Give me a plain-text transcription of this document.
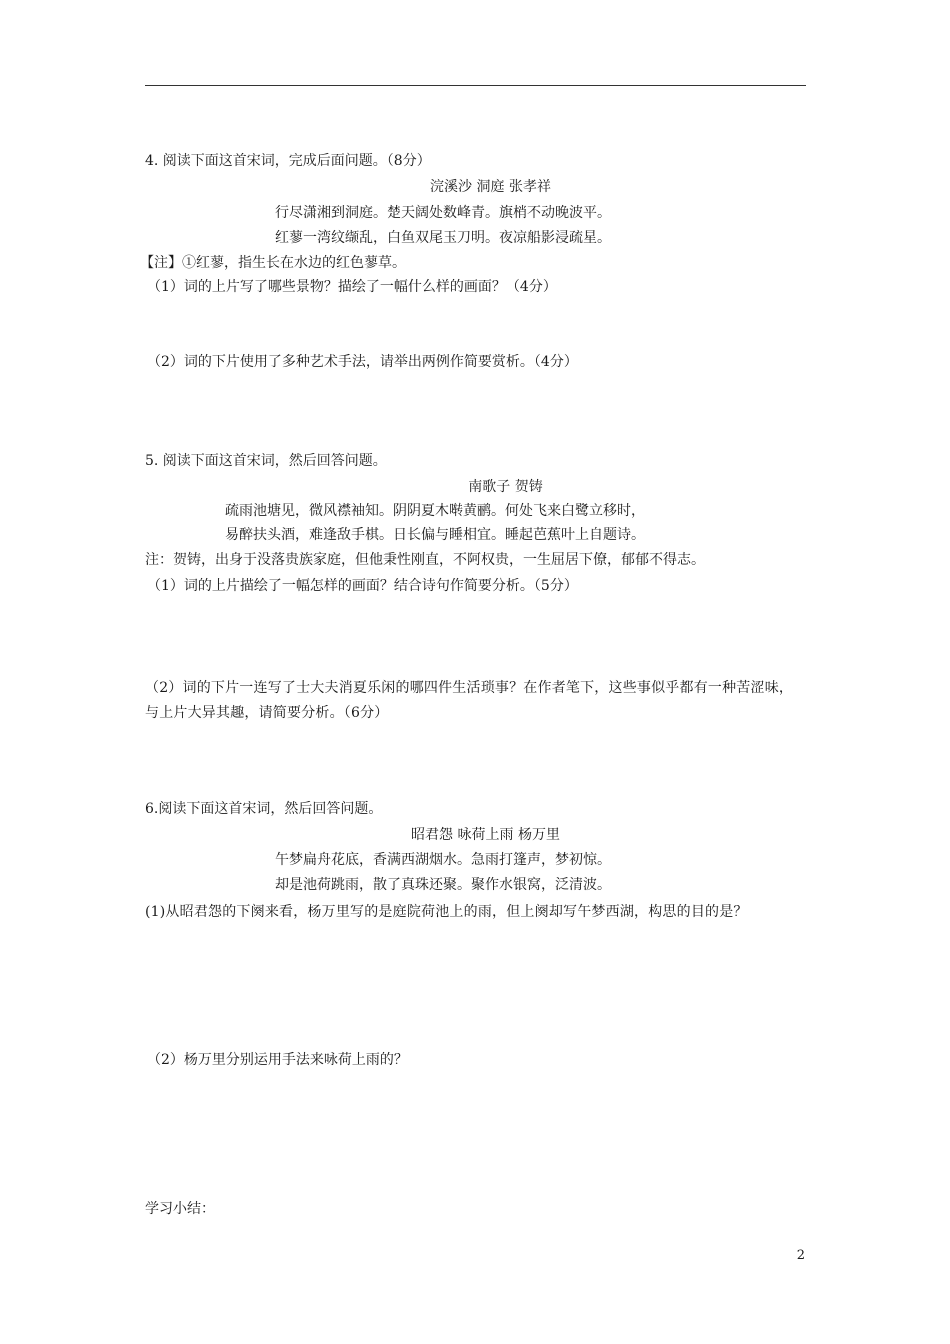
4. 阅读下面这首宋词，完成后面问题。（8分）
浣溪沙 洞庭 张孝祥
行尽潇湘到洞庭。楚天阔处数峰青。旗梢不动晚波平。
红蓼一湾纹缬乱，白鱼双尾玉刀明。夜凉船影浸疏星。
【注】①红蓼，指生长在水边的红色蓼草。
（1）词的上片写了哪些景物？描绘了一幅什么样的画面？（4分）
（2）词的下片使用了多种艺术手法，请举出两例作简要赏析。（4分）
5. 阅读下面这首宋词，然后回答问题。
南歌子 贺铸
疏雨池塘见，微风襟袖知。阴阴夏木啭黄鹂。何处飞来白鹭立移时，
易醉扶头酒，难逢敌手棋。日长偏与睡相宜。睡起芭蕉叶上自题诗。
注：贺铸，出身于没落贵族家庭，但他秉性刚直，不阿权贵，一生屈居下僚，郁郁不得志。
（1）词的上片描绘了一幅怎样的画面？结合诗句作简要分析。（5分）
（2）词的下片一连写了士大夫消夏乐闲的哪四件生活琐事？在作者笔下，这些事似乎都有一种苦涩味，与上片大异其趣，请简要分析。（6分）
6.阅读下面这首宋词，然后回答问题。
昭君怨 咏荷上雨 杨万里
午梦扁舟花底，香满西湖烟水。急雨打篷声，梦初惊。
却是池荷跳雨，散了真珠还聚。聚作水银窝，泛清波。
(1)从昭君怨的下阕来看，杨万里写的是庭院荷池上的雨，但上阕却写午梦西湖，构思的目的是？
（2）杨万里分别运用手法来咏荷上雨的？
学习小结：
2
